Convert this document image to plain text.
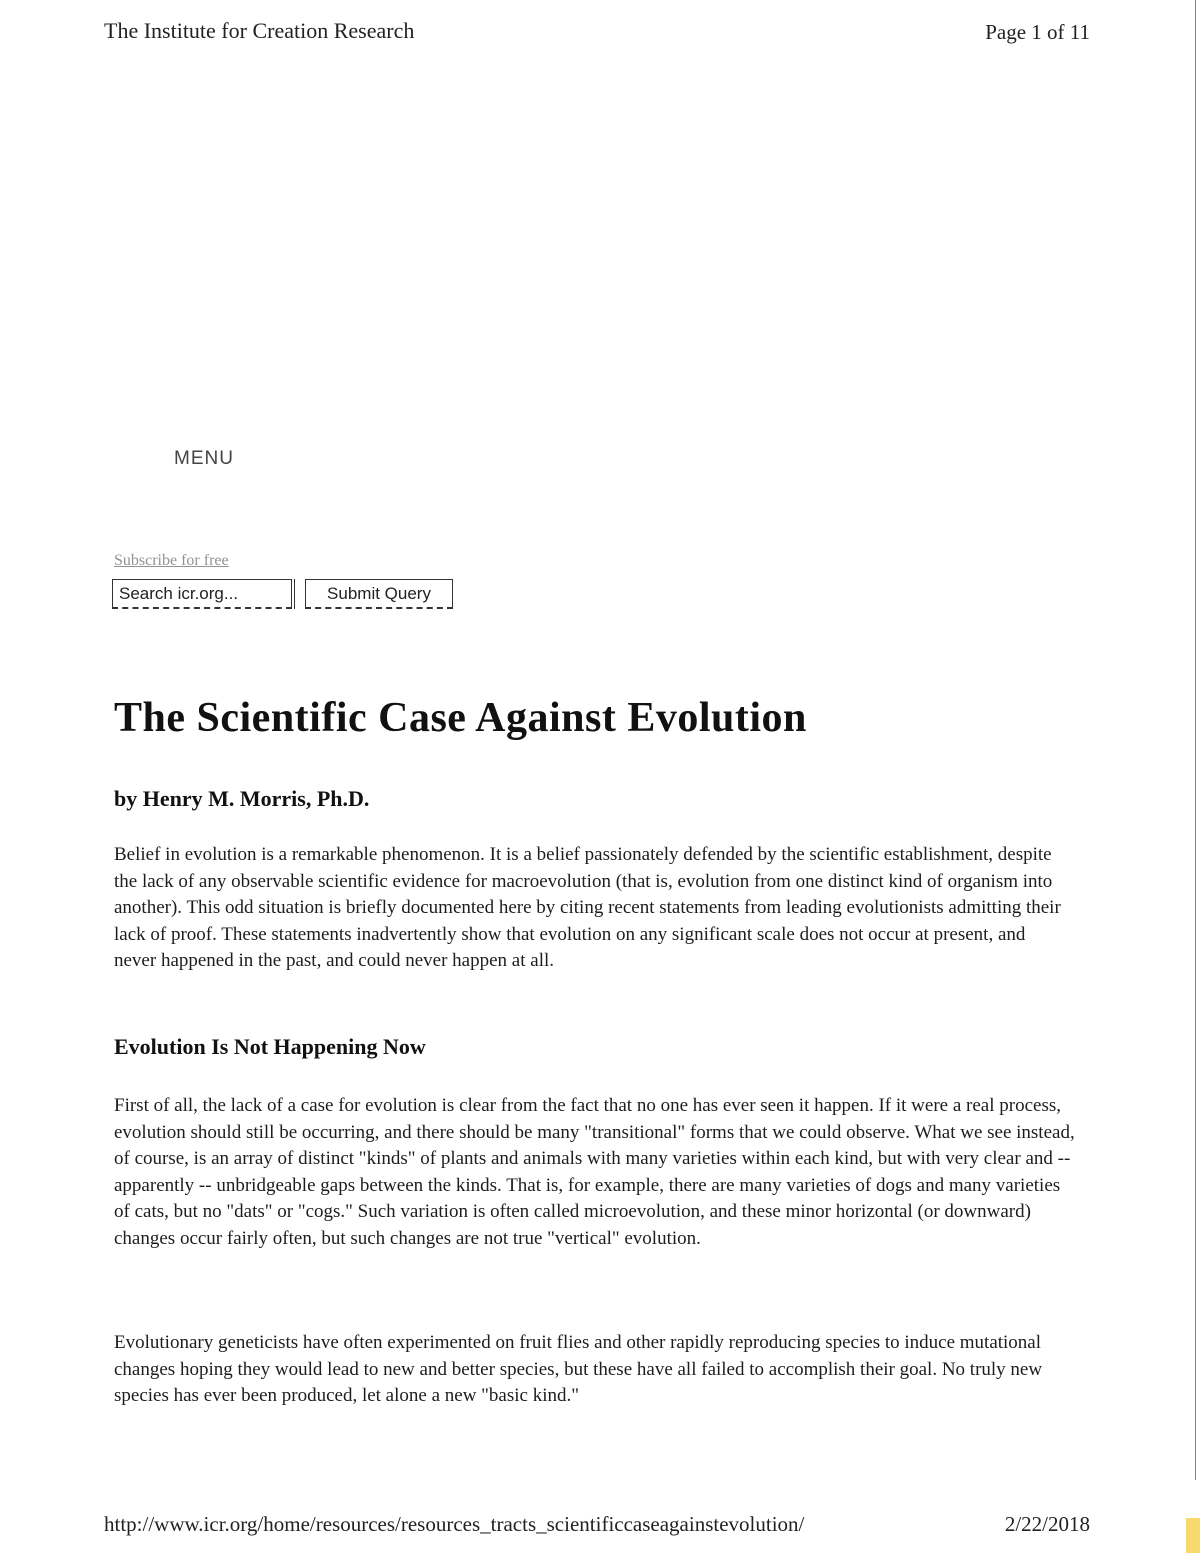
The Institute for Creation Research	Page 1 of 11
MENU
Subscribe for free
Search icr.org...
Submit Query
The Scientific Case Against Evolution
by Henry M. Morris, Ph.D.

Belief in evolution is a remarkable phenomenon. It is a belief passionately defended by the scientific establishment, despite the lack of any observable scientific evidence for macroevolution (that is, evolution from one distinct kind of organism into another). This odd situation is briefly documented here by citing recent statements from leading evolutionists admitting their lack of proof. These statements inadvertently show that evolution on any significant scale does not occur at present, and never happened in the past, and could never happen at all.

Evolution Is Not Happening Now

First of all, the lack of a case for evolution is clear from the fact that no one has ever seen it happen. If it were a real process, evolution should still be occurring, and there should be many "transitional" forms that we could observe. What we see instead, of course, is an array of distinct "kinds" of plants and animals with many varieties within each kind, but with very clear and -- apparently -- unbridgeable gaps between the kinds. That is, for example, there are many varieties of dogs and many varieties of cats, but no "dats" or "cogs." Such variation is often called microevolution, and these minor horizontal (or downward) changes occur fairly often, but such changes are not true "vertical" evolution.

Evolutionary geneticists have often experimented on fruit flies and other rapidly reproducing species to induce mutational changes hoping they would lead to new and better species, but these have all failed to accomplish their goal. No truly new species has ever been produced, let alone a new "basic kind."

http://www.icr.org/home/resources/resources_tracts_scientificcaseagainstevolution/	2/22/2018
